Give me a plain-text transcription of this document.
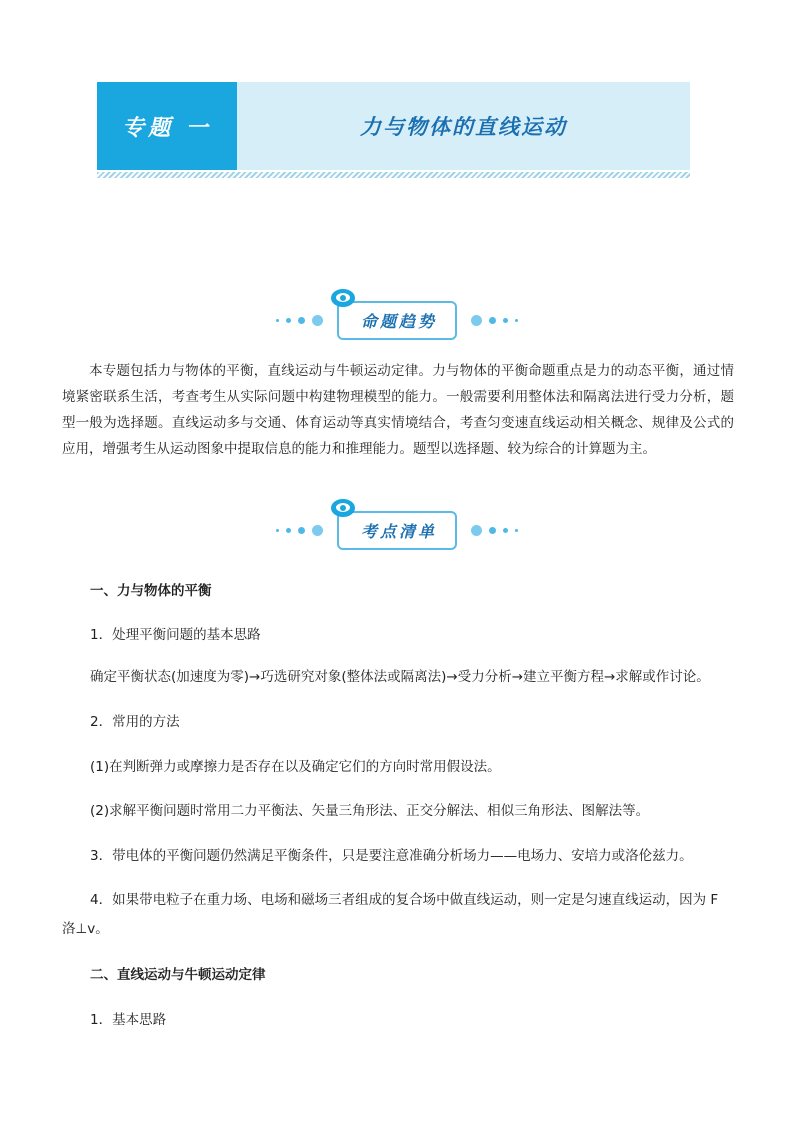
专题 一	力与物体的直线运动
命题趋势

本专题包括力与物体的平衡，直线运动与牛顿运动定律。力与物体的平衡命题重点是力的动态平衡，通过情境紧密联系生活，考查考生从实际问题中构建物理模型的能力。一般需要利用整体法和隔离法进行受力分析，题型一般为选择题。直线运动多与交通、体育运动等真实情境结合，考查匀变速直线运动相关概念、规律及公式的应用，增强考生从运动图象中提取信息的能力和推理能力。题型以选择题、较为综合的计算题为主。

考点清单

一、力与物体的平衡

1．处理平衡问题的基本思路

确定平衡状态(加速度为零)→巧选研究对象(整体法或隔离法)→受力分析→建立平衡方程→求解或作讨论。

2．常用的方法

(1)在判断弹力或摩擦力是否存在以及确定它们的方向时常用假设法。

(2)求解平衡问题时常用二力平衡法、矢量三角形法、正交分解法、相似三角形法、图解法等。

3．带电体的平衡问题仍然满足平衡条件，只是要注意准确分析场力——电场力、安培力或洛伦兹力。

4．如果带电粒子在重力场、电场和磁场三者组成的复合场中做直线运动，则一定是匀速直线运动，因为 F

洛⊥v。

二、直线运动与牛顿运动定律

1．基本思路
